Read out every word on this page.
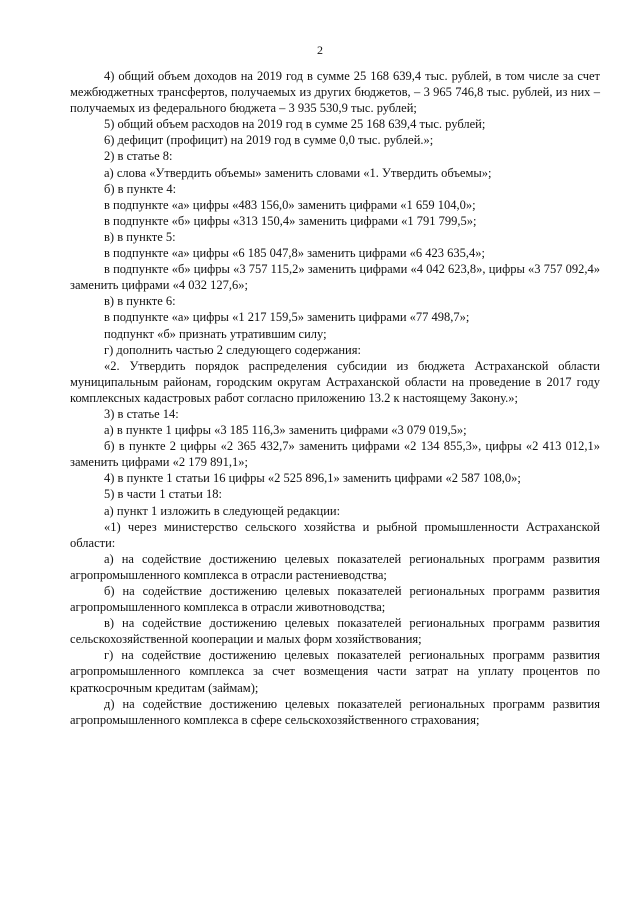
2

4) общий объем доходов на 2019 год в сумме 25 168 639,4 тыс. рублей, в том числе за счет межбюджетных трансфертов, получаемых из других бюджетов, – 3 965 746,8 тыс. рублей, из них – получаемых из федерального бюджета – 3 935 530,9 тыс. рублей;

5) общий объем расходов на 2019 год в сумме 25 168 639,4 тыс. рублей;

6) дефицит (профицит) на 2019 год в сумме 0,0 тыс. рублей.»;

2) в статье 8:

а) слова «Утвердить объемы» заменить словами «1. Утвердить объемы»;

б) в пункте 4:

в подпункте «а» цифры «483 156,0» заменить цифрами «1 659 104,0»;

в подпункте «б» цифры «313 150,4» заменить цифрами «1 791 799,5»;

в) в пункте 5:

в подпункте «а» цифры «6 185 047,8» заменить цифрами «6 423 635,4»;

в подпункте «б» цифры «3 757 115,2» заменить цифрами «4 042 623,8», цифры «3 757 092,4» заменить цифрами «4 032 127,6»;

в) в пункте 6:

в подпункте «а» цифры «1 217 159,5» заменить цифрами «77 498,7»;

подпункт «б» признать утратившим силу;

г) дополнить частью 2 следующего содержания:

«2. Утвердить порядок распределения субсидии из бюджета Астраханской области муниципальным районам, городским округам Астраханской области на проведение в 2017 году комплексных кадастровых работ согласно приложению 13.2 к настоящему Закону.»;

3) в статье 14:

а) в пункте 1 цифры «3 185 116,3» заменить цифрами «3 079 019,5»;

б) в пункте 2 цифры «2 365 432,7» заменить цифрами «2 134 855,3», цифры «2 413 012,1» заменить цифрами «2 179 891,1»;

4) в пункте 1 статьи 16 цифры «2 525 896,1» заменить цифрами «2 587 108,0»;

5) в части 1 статьи 18:

а) пункт 1 изложить в следующей редакции:

«1) через министерство сельского хозяйства и рыбной промышленности Астраханской области:

а) на содействие достижению целевых показателей региональных программ развития агропромышленного комплекса в отрасли растениеводства;

б) на содействие достижению целевых показателей региональных программ развития агропромышленного комплекса в отрасли животноводства;

в) на содействие достижению целевых показателей региональных программ развития сельскохозяйственной кооперации и малых форм хозяйствования;

г) на содействие достижению целевых показателей региональных программ развития агропромышленного комплекса за счет возмещения части затрат на уплату процентов по краткосрочным кредитам (займам);

д) на содействие достижению целевых показателей региональных программ развития агропромышленного комплекса в сфере сельскохозяйственного страхования;
